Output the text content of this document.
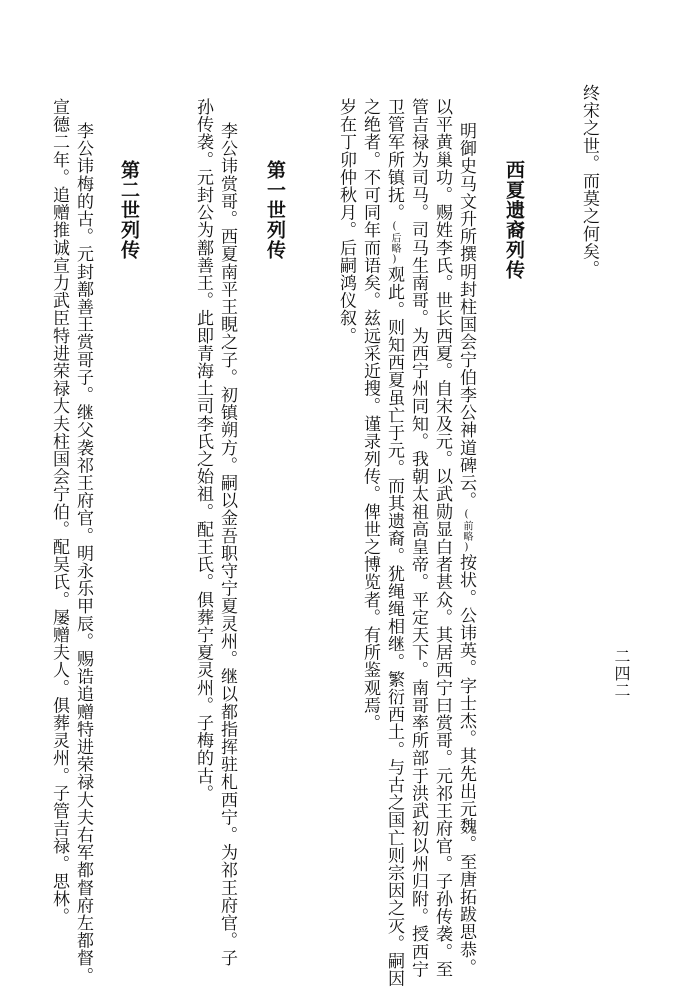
二四二
终宋之世。而莫之何矣。
西夏遗裔列传
明御史马文升所撰明封柱国会宁伯李公神道碑云。(前略)按状。公讳英。字士杰。其先出元魏。至唐拓跋思恭。
以平黄巢功。赐姓李氏。世长西夏。自宋及元。以武勋显白者甚众。其居西宁曰赏哥。元祁王府官。子孙传袭。至
管吉禄为司马。司马生南哥。为西宁州同知。我朝太祖高皇帝。平定天下。南哥率所部于洪武初以州归附。授西宁
卫管军所镇抚。(后略)观此。则知西夏虽亡于元。而其遗裔。犹绳绳相继。繁衍西土。与古之国亡则宗因之灭。嗣因
之绝者。不可同年而语矣。兹远采近搜。谨录列传。俾世之博览者。有所鉴观焉。
岁在丁卯仲秋月。后嗣鸿仪叙。
第一世列传
李公讳赏哥。西夏南平王睍之子。初镇朔方。嗣以金吾职守宁夏灵州。继以都指挥驻札西宁。为祁王府官。子
孙传袭。元封公为鄯善王。此即青海土司李氏之始祖。配王氏。俱葬宁夏灵州。子梅的古。
第二世列传
李公讳梅的古。元封鄯善王赏哥子。继父袭祁王府官。明永乐甲辰。赐诰追赠特进荣禄大夫右军都督府左都督。
宣德二年。追赠推诚宣力武臣特进荣禄大夫柱国会宁伯。配吴氏。屡赠夫人。俱葬灵州。子管吉禄。思林。
